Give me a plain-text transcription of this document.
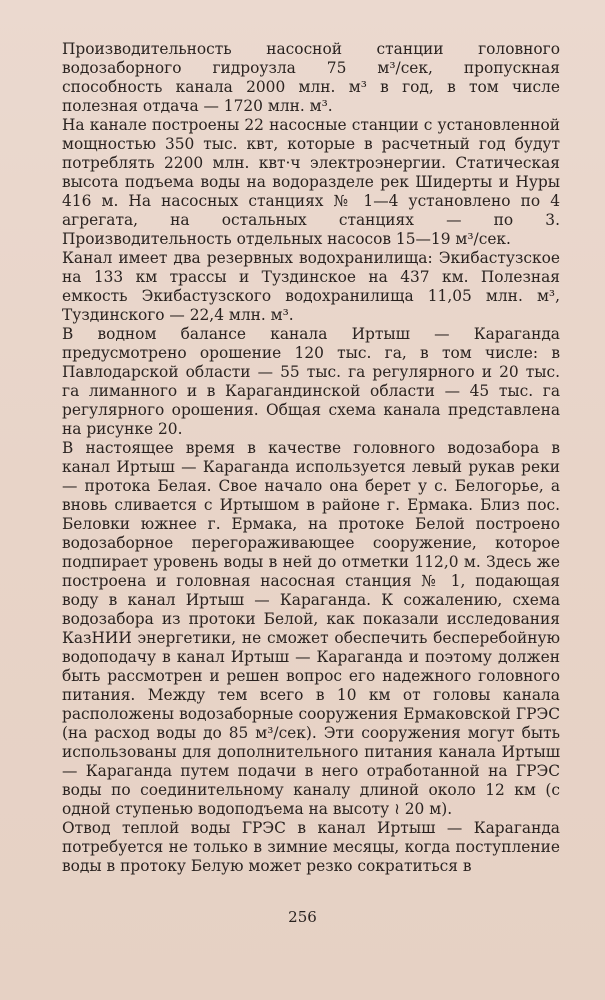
Производительность насосной станции головного водозаборного гидроузла 75 м³/сек, пропускная способность канала 2000 млн. м³ в год, в том числе полезная отдача — 1720 млн. м³.

На канале построены 22 насосные станции с установленной мощностью 350 тыс. квт, которые в расчетный год будут потреблять 2200 млн. квт·ч электроэнергии. Статическая высота подъема воды на водоразделе рек Шидерты и Нуры 416 м. На насосных станциях № 1—4 установлено по 4 агрегата, на остальных станциях — по 3. Производительность отдельных насосов 15—19 м³/сек.

Канал имеет два резервных водохранилища: Экибастузское на 133 км трассы и Туздинское на 437 км. Полезная емкость Экибастузского водохранилища 11,05 млн. м³, Туздинского — 22,4 млн. м³.

В водном балансе канала Иртыш — Караганда предусмотрено орошение 120 тыс. га, в том числе: в Павлодарской области — 55 тыс. га регулярного и 20 тыс. га лиманного и в Карагандинской области — 45 тыс. га регулярного орошения. Общая схема канала представлена на рисунке 20.

В настоящее время в качестве головного водозабора в канал Иртыш — Караганда используется левый рукав реки — протока Белая. Свое начало она берет у с. Белогорье, а вновь сливается с Иртышом в районе г. Ермака. Близ пос. Беловки южнее г. Ермака, на протоке Белой построено водозаборное перегораживающее сооружение, которое подпирает уровень воды в ней до отметки 112,0 м. Здесь же построена и головная насосная станция № 1, подающая воду в канал Иртыш — Караганда. К сожалению, схема водозабора из протоки Белой, как показали исследования КазНИИ энергетики, не сможет обеспечить бесперебойную водоподачу в канал Иртыш — Караганда и поэтому должен быть рассмотрен и решен вопрос его надежного головного питания. Между тем всего в 10 км от головы канала расположены водозаборные сооружения Ермаковской ГРЭС (на расход воды до 85 м³/сек). Эти сооружения могут быть использованы для дополнительного питания канала Иртыш — Караганда путем подачи в него отработанной на ГРЭС воды по соединительному каналу длиной около 12 км (с одной ступенью водоподъема на высоту ≀ 20 м).

Отвод теплой воды ГРЭС в канал Иртыш — Караганда потребуется не только в зимние месяцы, когда поступление воды в протоку Белую может резко сократиться в

256
